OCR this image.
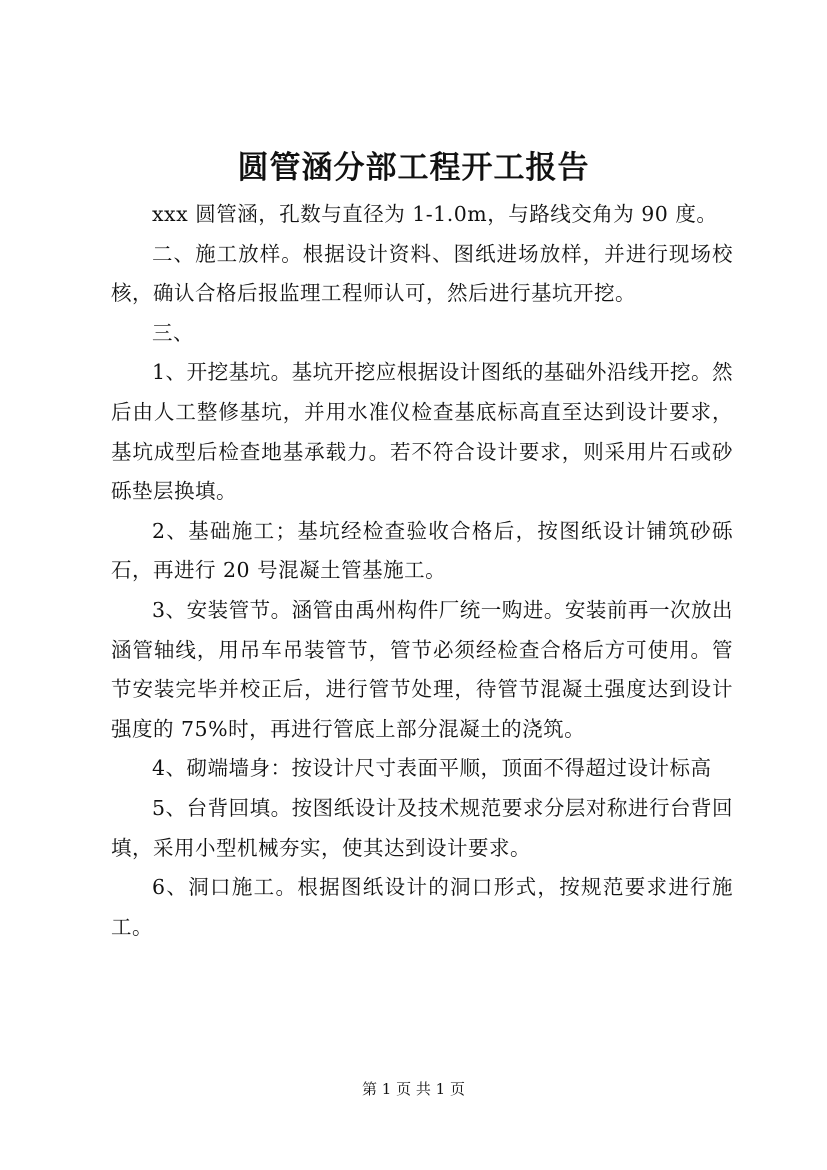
圆管涵分部工程开工报告

xxx 圆管涵，孔数与直径为 1-1.0m，与路线交角为 90 度。

二、施工放样。根据设计资料、图纸进场放样，并进行现场校核，确认合格后报监理工程师认可，然后进行基坑开挖。

三、

1、开挖基坑。基坑开挖应根据设计图纸的基础外沿线开挖。然后由人工整修基坑，并用水准仪检查基底标高直至达到设计要求，基坑成型后检查地基承载力。若不符合设计要求，则采用片石或砂砾垫层换填。

2、基础施工；基坑经检查验收合格后，按图纸设计铺筑砂砾石，再进行 20 号混凝土管基施工。

3、安装管节。涵管由禹州构件厂统一购进。安装前再一次放出涵管轴线，用吊车吊装管节，管节必须经检查合格后方可使用。管节安装完毕并校正后，进行管节处理，待管节混凝土强度达到设计强度的 75%时，再进行管底上部分混凝土的浇筑。

4、砌端墙身：按设计尺寸表面平顺，顶面不得超过设计标高

5、台背回填。按图纸设计及技术规范要求分层对称进行台背回填，采用小型机械夯实，使其达到设计要求。

6、洞口施工。根据图纸设计的洞口形式，按规范要求进行施工。

第 1 页 共 1 页
